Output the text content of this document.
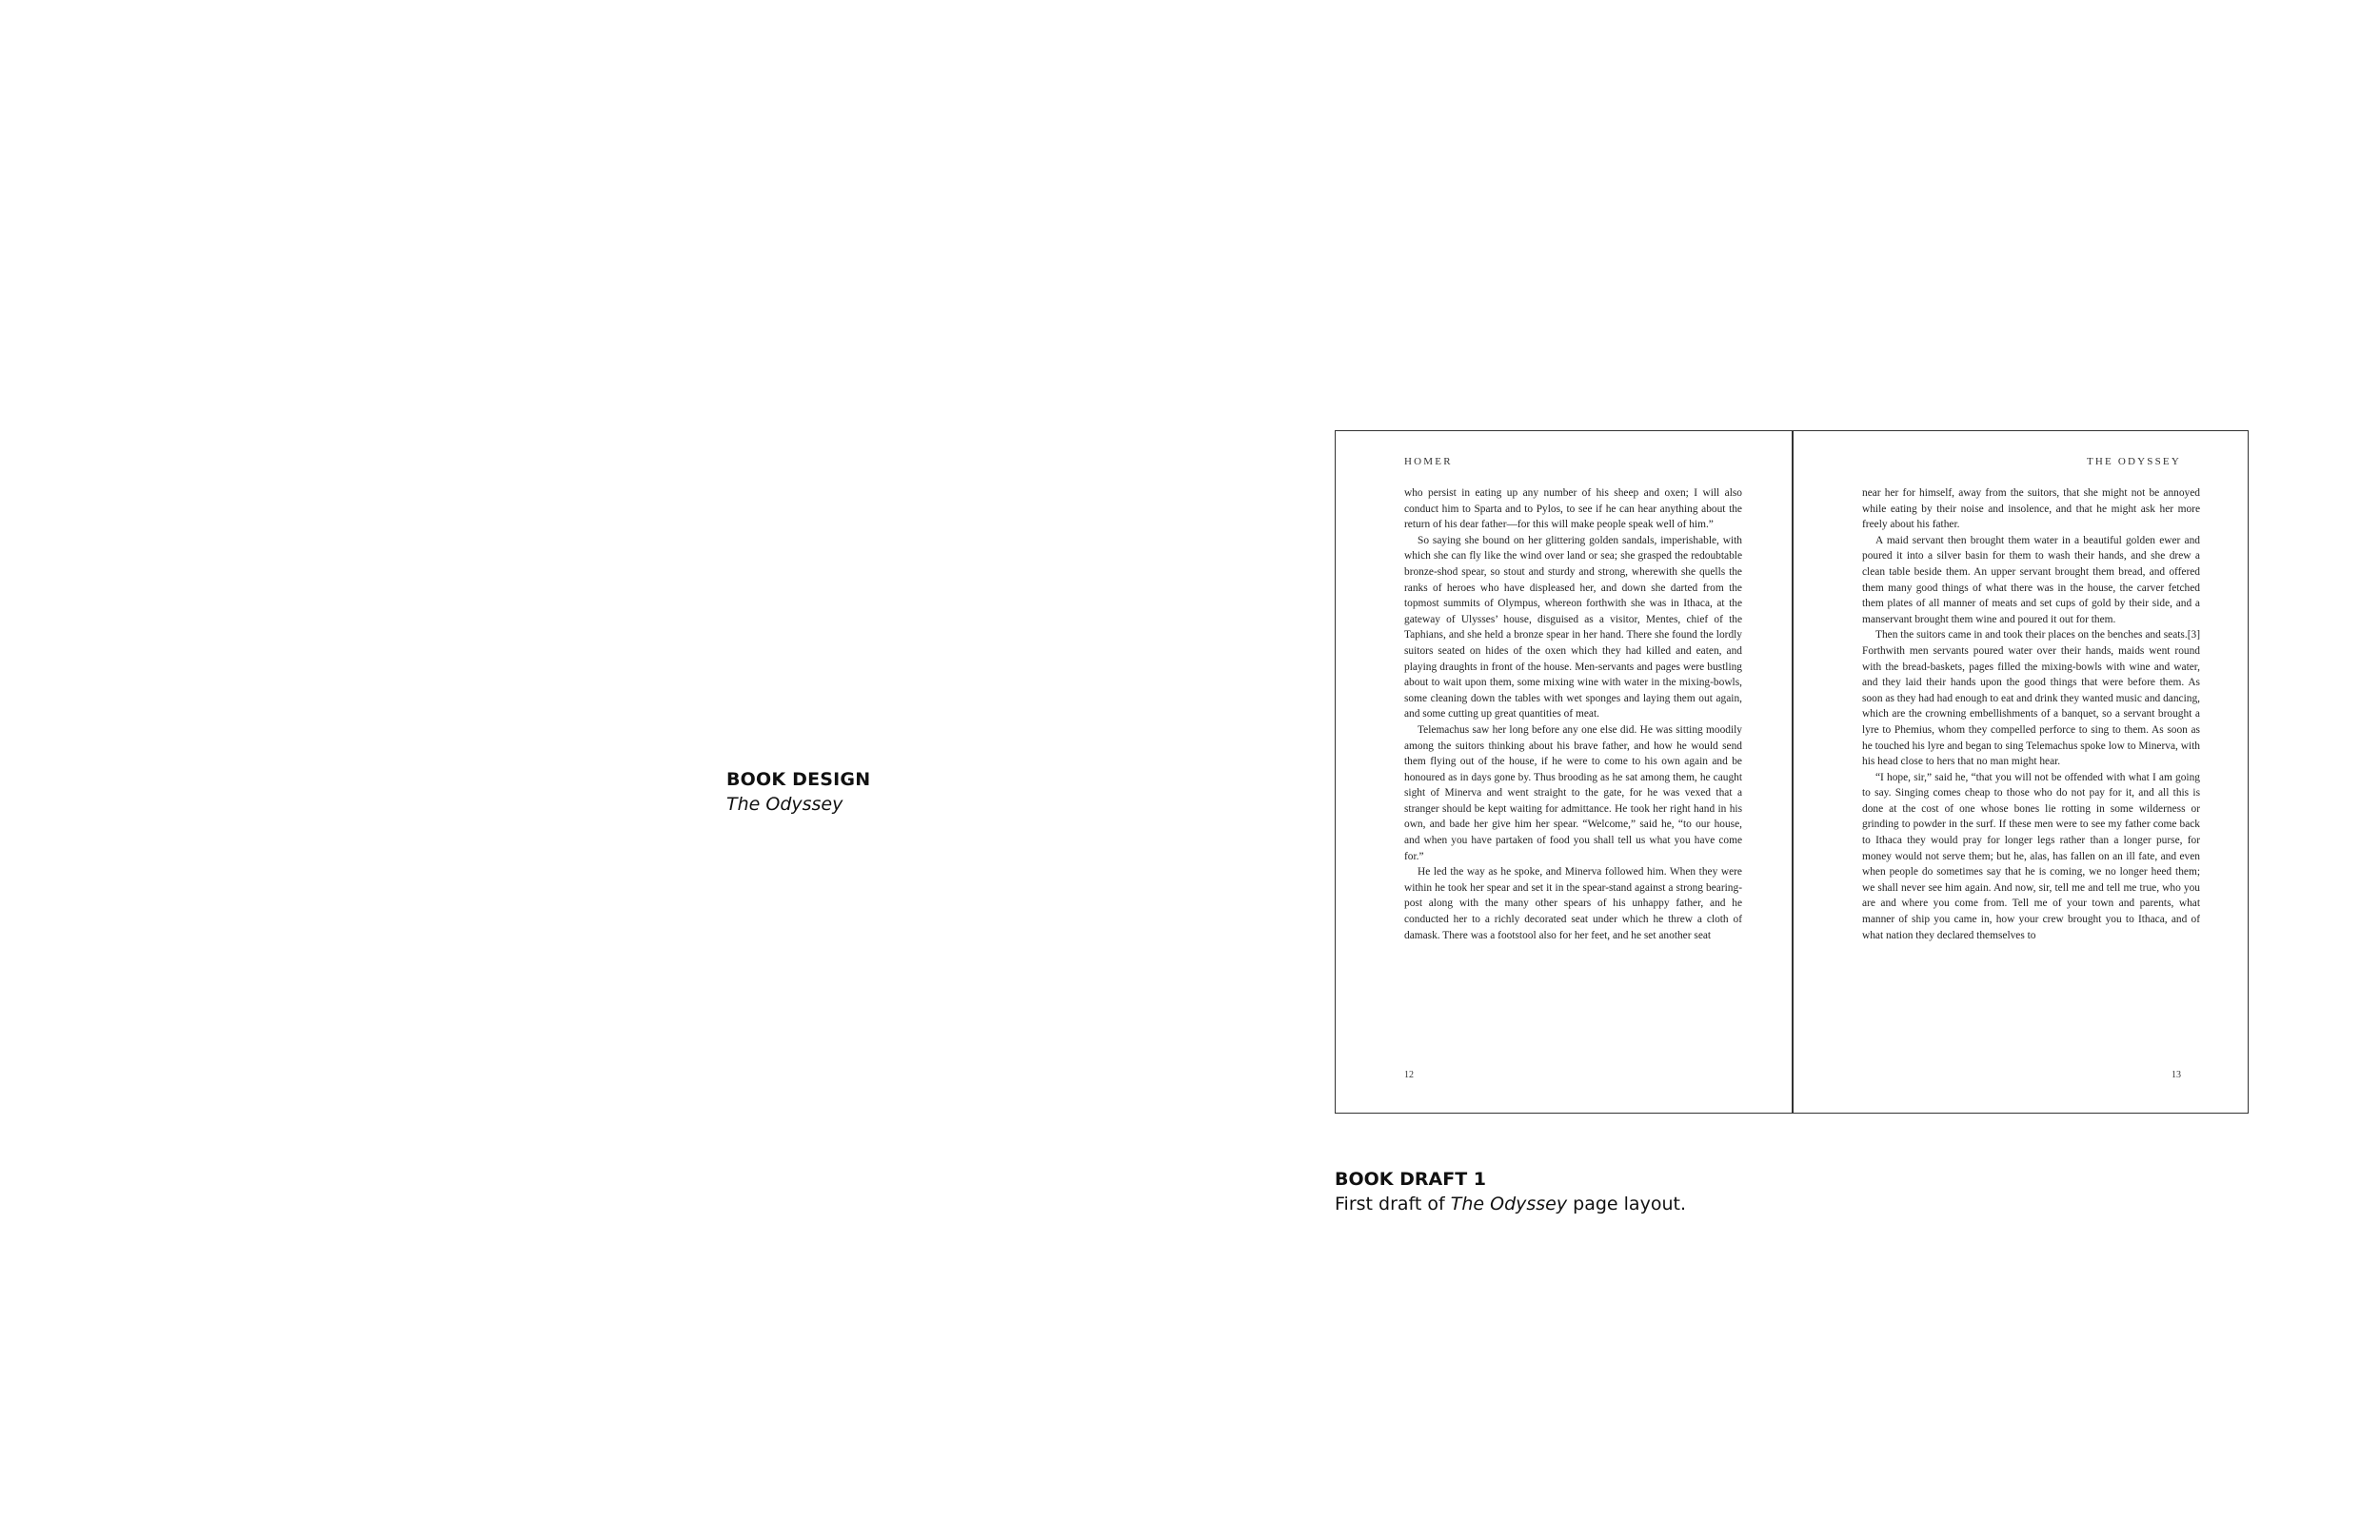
BOOK DESIGN
The Odyssey
HOMER

who persist in eating up any number of his sheep and oxen; I will also conduct him to Sparta and to Pylos, to see if he can hear anything about the return of his dear father—for this will make people speak well of him.”

So saying she bound on her glittering golden sandals, imperishable, with which she can fly like the wind over land or sea; she grasped the redoubtable bronze-shod spear, so stout and sturdy and strong, wherewith she quells the ranks of heroes who have displeased her, and down she darted from the topmost summits of Olympus, whereon forthwith she was in Ithaca, at the gateway of Ulysses’ house, disguised as a visitor, Mentes, chief of the Taphians, and she held a bronze spear in her hand. There she found the lordly suitors seated on hides of the oxen which they had killed and eaten, and playing draughts in front of the house. Men-servants and pages were bustling about to wait upon them, some mixing wine with water in the mixing-bowls, some cleaning down the tables with wet sponges and laying them out again, and some cutting up great quantities of meat.

Telemachus saw her long before any one else did. He was sitting moodily among the suitors thinking about his brave father, and how he would send them flying out of the house, if he were to come to his own again and be honoured as in days gone by. Thus brooding as he sat among them, he caught sight of Minerva and went straight to the gate, for he was vexed that a stranger should be kept waiting for admittance. He took her right hand in his own, and bade her give him her spear. “Welcome,” said he, “to our house, and when you have partaken of food you shall tell us what you have come for.”

He led the way as he spoke, and Minerva followed him. When they were within he took her spear and set it in the spear-stand against a strong bearing-post along with the many other spears of his unhappy father, and he conducted her to a richly decorated seat under which he threw a cloth of damask. There was a footstool also for her feet, and he set another seat

12
THE ODYSSEY

near her for himself, away from the suitors, that she might not be annoyed while eating by their noise and insolence, and that he might ask her more freely about his father.

A maid servant then brought them water in a beautiful golden ewer and poured it into a silver basin for them to wash their hands, and she drew a clean table beside them. An upper servant brought them bread, and offered them many good things of what there was in the house, the carver fetched them plates of all manner of meats and set cups of gold by their side, and a manservant brought them wine and poured it out for them.

Then the suitors came in and took their places on the benches and seats.[3] Forthwith men servants poured water over their hands, maids went round with the bread-baskets, pages filled the mixing-bowls with wine and water, and they laid their hands upon the good things that were before them. As soon as they had had enough to eat and drink they wanted music and dancing, which are the crowning embellishments of a banquet, so a servant brought a lyre to Phemius, whom they compelled perforce to sing to them. As soon as he touched his lyre and began to sing Telemachus spoke low to Minerva, with his head close to hers that no man might hear.

“I hope, sir,” said he, “that you will not be offended with what I am going to say. Singing comes cheap to those who do not pay for it, and all this is done at the cost of one whose bones lie rotting in some wilderness or grinding to powder in the surf. If these men were to see my father come back to Ithaca they would pray for longer legs rather than a longer purse, for money would not serve them; but he, alas, has fallen on an ill fate, and even when people do sometimes say that he is coming, we no longer heed them; we shall never see him again. And now, sir, tell me and tell me true, who you are and where you come from. Tell me of your town and parents, what manner of ship you came in, how your crew brought you to Ithaca, and of what nation they declared themselves to

13
BOOK DRAFT 1
First draft of The Odyssey page layout.
